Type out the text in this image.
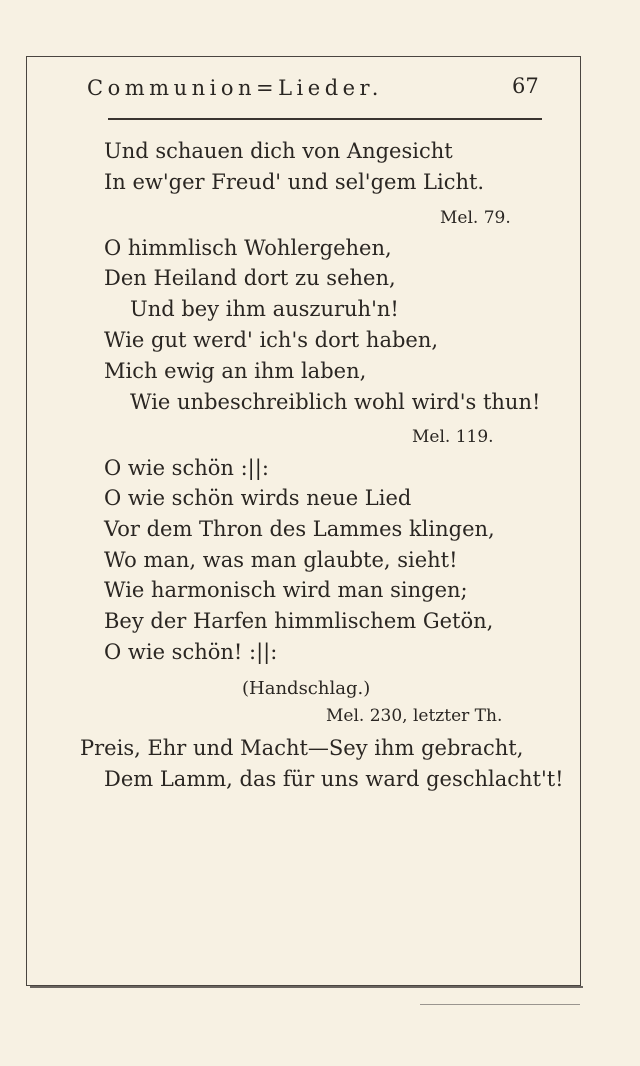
Communion=Lieder.	67
Und schauen dich von Angesicht
In ew'ger Freud' und sel'gem Licht.
Mel. 79.
O himmlisch Wohlergehen,
Den Heiland dort zu sehen,
Und bey ihm auszuruh'n!
Wie gut werd' ich's dort haben,
Mich ewig an ihm laben,
Wie unbeschreiblich wohl wird's thun!
Mel. 119.
O wie schön :||:
O wie schön wirds neue Lied
Vor dem Thron des Lammes klingen,
Wo man, was man glaubte, sieht!
Wie harmonisch wird man singen;
Bey der Harfen himmlischem Getön,
O wie schön! :||:
(Handschlag.)
Mel. 230, letzter Th.
Preis, Ehr und Macht—Sey ihm gebracht,
Dem Lamm, das für uns ward geschlacht't!
